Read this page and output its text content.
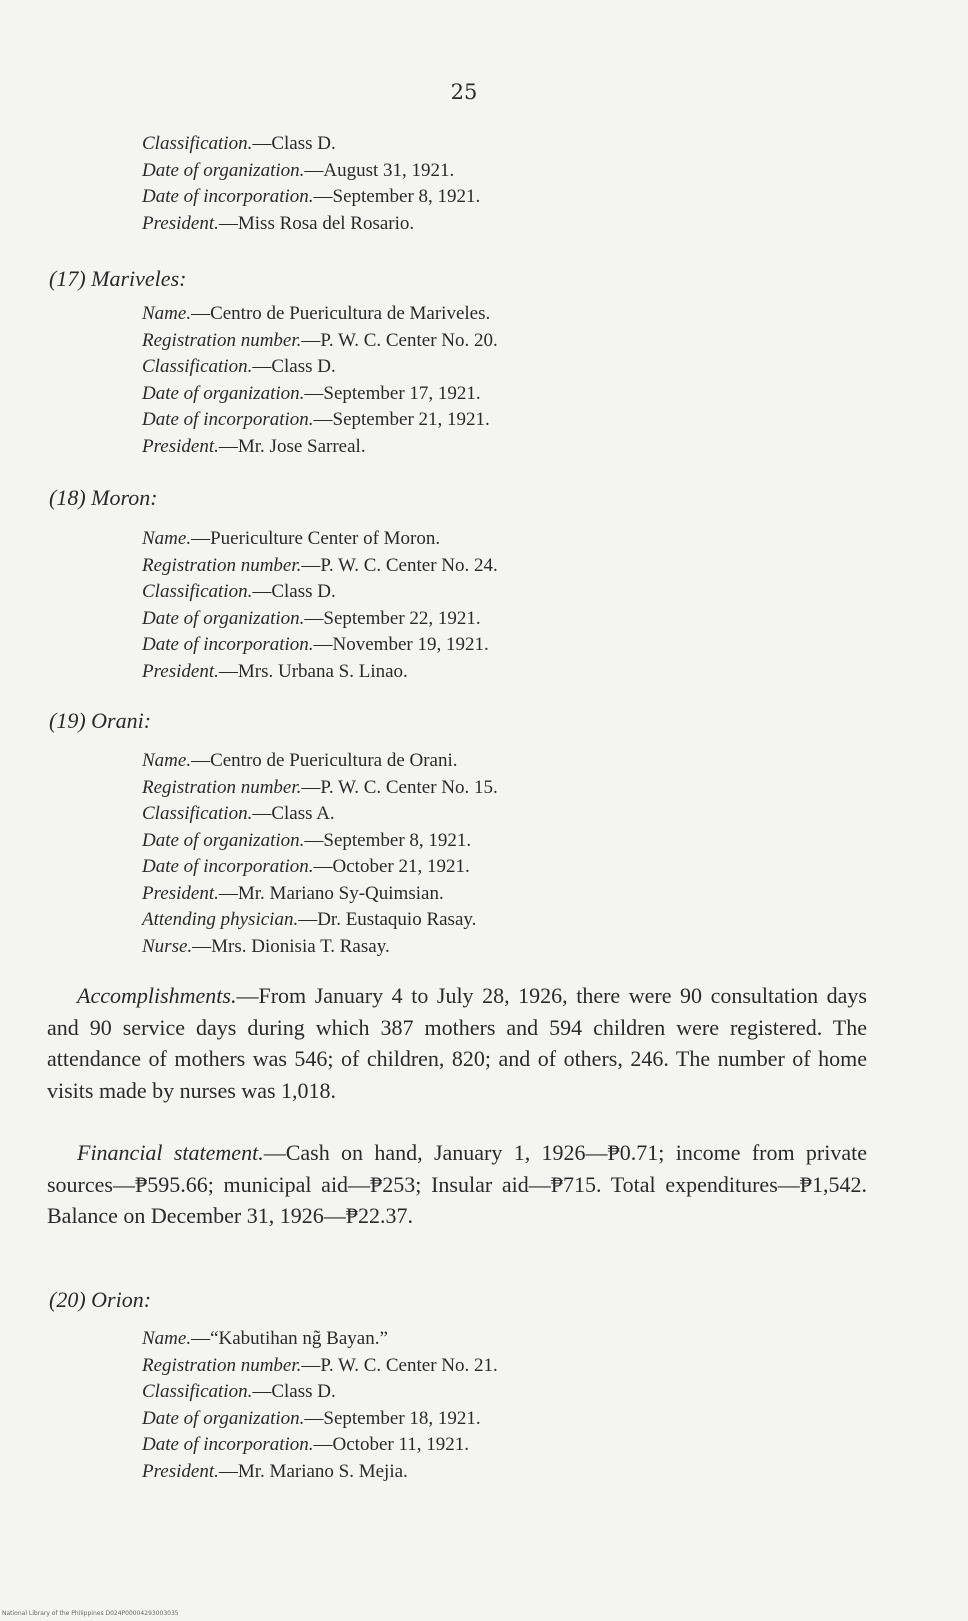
25
Classification.—Class D.
Date of organization.—August 31, 1921.
Date of incorporation.—September 8, 1921.
President.—Miss Rosa del Rosario.
(17) Mariveles:
Name.—Centro de Puericultura de Mariveles.
Registration number.—P. W. C. Center No. 20.
Classification.—Class D.
Date of organization.—September 17, 1921.
Date of incorporation.—September 21, 1921.
President.—Mr. Jose Sarreal.
(18) Moron:
Name.—Puericulture Center of Moron.
Registration number.—P. W. C. Center No. 24.
Classification.—Class D.
Date of organization.—September 22, 1921.
Date of incorporation.—November 19, 1921.
President.—Mrs. Urbana S. Linao.
(19) Orani:
Name.—Centro de Puericultura de Orani.
Registration number.—P. W. C. Center No. 15.
Classification.—Class A.
Date of organization.—September 8, 1921.
Date of incorporation.—October 21, 1921.
President.—Mr. Mariano Sy-Quimsian.
Attending physician.—Dr. Eustaquio Rasay.
Nurse.—Mrs. Dionisia T. Rasay.
Accomplishments.—From January 4 to July 28, 1926, there were 90 consultation days and 90 service days during which 387 mothers and 594 children were registered. The attendance of mothers was 546; of children, 820; and of others, 246. The number of home visits made by nurses was 1,018.
Financial statement.—Cash on hand, January 1, 1926—₱0.71; income from private sources—₱595.66; municipal aid—₱253; Insular aid—₱715. Total expenditures—₱1,542. Balance on December 31, 1926—₱22.37.
(20) Orion:
Name.—“Kabutihan ng̃ Bayan.”
Registration number.—P. W. C. Center No. 21.
Classification.—Class D.
Date of organization.—September 18, 1921.
Date of incorporation.—October 11, 1921.
President.—Mr. Mariano S. Mejia.
National Library of the Philippines D024P00004293003035
